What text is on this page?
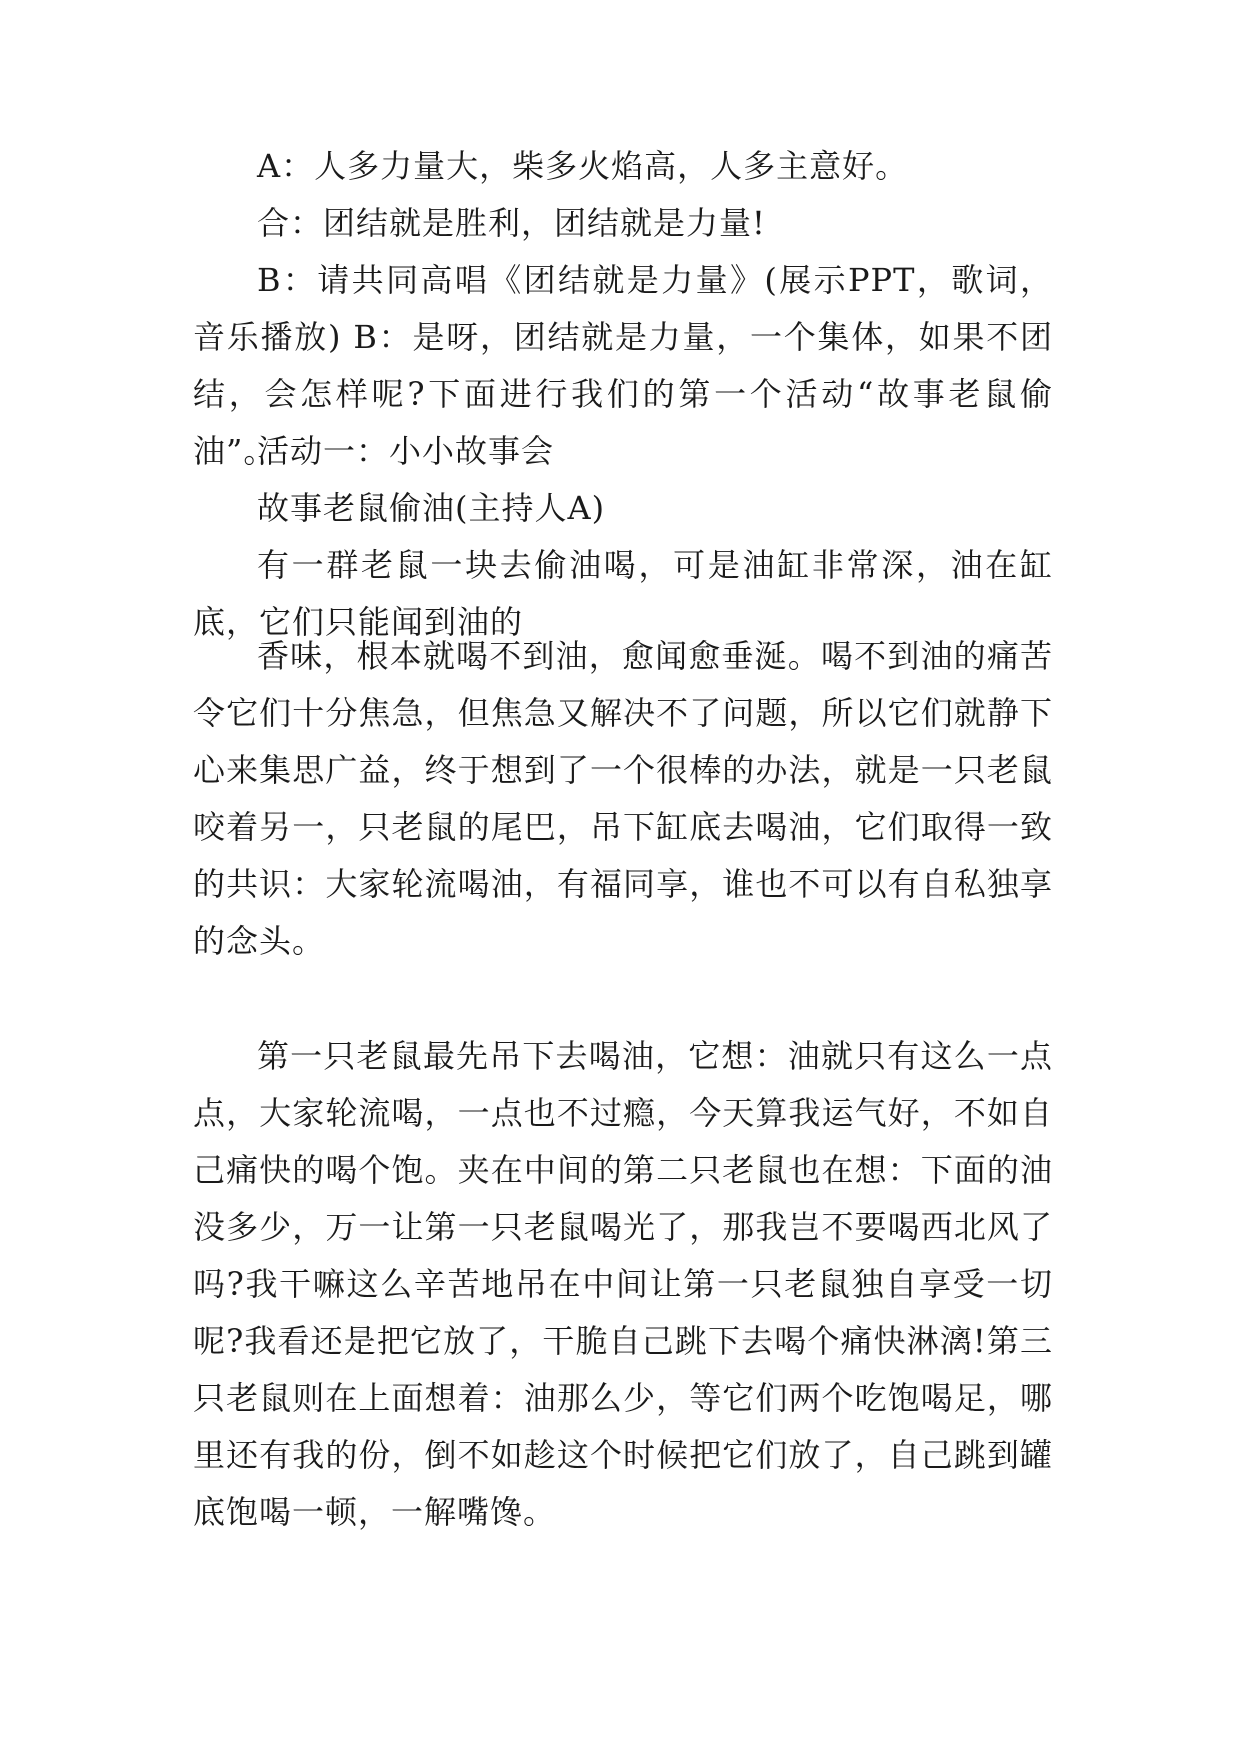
A：人多力量大，柴多火焰高，人多主意好。

合：团结就是胜利，团结就是力量!

B：请共同高唱《团结就是力量》(展示PPT，歌词，音乐播放) B：是呀，团结就是力量，一个集体，如果不团结，会怎样呢?下面进行我们的第一个活动“故事老鼠偷油”。

活动一：小小故事会

故事老鼠偷油(主持人A)

有一群老鼠一块去偷油喝，可是油缸非常深，油在缸底，它们只能闻到油的

香味，根本就喝不到油，愈闻愈垂涎。喝不到油的痛苦令它们十分焦急，但焦急又解决不了问题，所以它们就静下心来集思广益，终于想到了一个很棒的办法，就是一只老鼠咬着另一，只老鼠的尾巴，吊下缸底去喝油，它们取得一致的共识：大家轮流喝油，有福同享，谁也不可以有自私独享的念头。

第一只老鼠最先吊下去喝油，它想：油就只有这么一点点，大家轮流喝，一点也不过瘾，今天算我运气好，不如自己痛快的喝个饱。夹在中间的第二只老鼠也在想：下面的油没多少，万一让第一只老鼠喝光了，那我岂不要喝西北风了吗?我干嘛这么辛苦地吊在中间让第一只老鼠独自享受一切呢?我看还是把它放了，干脆自己跳下去喝个痛快淋漓!第三只老鼠则在上面想着：油那么少，等它们两个吃饱喝足，哪里还有我的份，倒不如趁这个时候把它们放了，自己跳到罐底饱喝一顿，一解嘴馋。
